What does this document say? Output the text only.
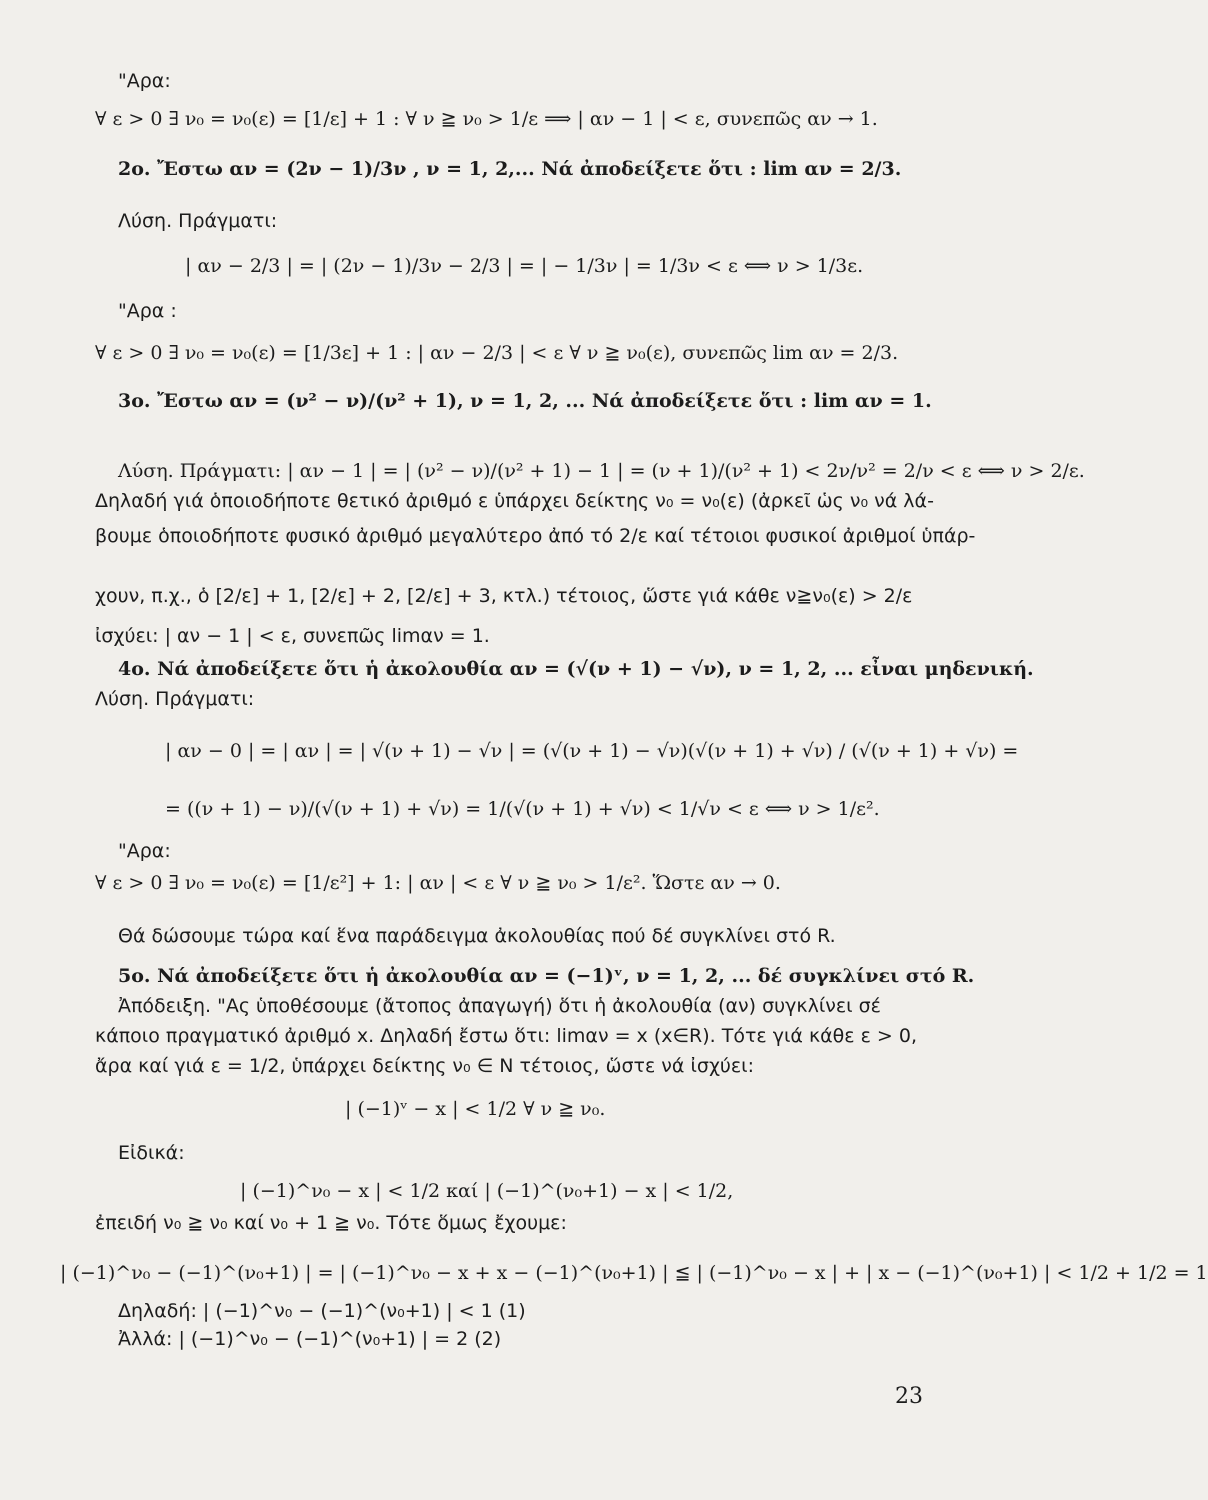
"Αρα:
∀ ε > 0 ∃ ν₀ = ν₀(ε) = [1/ε] + 1 : ∀ ν ≧ ν₀ > 1/ε ⟹ | αν − 1 | < ε, συνεπῶς αν → 1.
2ο. Ἔστω αν = (2ν − 1)/3ν , ν = 1, 2,... Νά ἀποδείξετε ὅτι : lim αν = 2/3.
Λύση. Πράγματι:
| αν − 2/3 | = | (2ν − 1)/3ν − 2/3 | = | − 1/3ν | = 1/3ν < ε ⟺ ν > 1/3ε.
"Αρα :
∀ ε > 0 ∃ ν₀ = ν₀(ε) = [1/3ε] + 1 : | αν − 2/3 | < ε ∀ ν ≧ ν₀(ε), συνεπῶς lim αν = 2/3.
3ο. Ἔστω αν = (ν² − ν)/(ν² + 1), ν = 1, 2, ... Νά ἀποδείξετε ὅτι : lim αν = 1.
Λύση. Πράγματι: | αν − 1 | = | (ν² − ν)/(ν² + 1) − 1 | = (ν + 1)/(ν² + 1) < 2ν/ν² = 2/ν < ε ⟺ ν > 2/ε.
Δηλαδή γιά ὁποιοδήποτε θετικό ἀριθμό ε ὑπάρχει δείκτης ν₀ = ν₀(ε) (ἀρκεῖ ὡς ν₀ νά λά-
βουμε ὁποιοδήποτε φυσικό ἀριθμό μεγαλύτερο ἀπό τό 2/ε καί τέτοιοι φυσικοί ἀριθμοί ὑπάρ-
χουν, π.χ., ὁ [2/ε] + 1, [2/ε] + 2, [2/ε] + 3, κτλ.) τέτοιος, ὥστε γιά κάθε ν≧ν₀(ε) > 2/ε
ἰσχύει: | αν − 1 | < ε, συνεπῶς limαν = 1.
4ο. Νά ἀποδείξετε ὅτι ἡ ἀκολουθία αν = (√(ν + 1) − √ν), ν = 1, 2, ... εἶναι μηδενική.
Λύση. Πράγματι:
| αν − 0 | = | αν | = | √(ν + 1) − √ν | = (√(ν + 1) − √ν)(√(ν + 1) + √ν) / (√(ν + 1) + √ν) =
= ((ν + 1) − ν)/(√(ν + 1) + √ν) = 1/(√(ν + 1) + √ν) < 1/√ν < ε ⟺ ν > 1/ε².
"Αρα:
∀ ε > 0 ∃ ν₀ = ν₀(ε) = [1/ε²] + 1: | αν | < ε ∀ ν ≧ ν₀ > 1/ε². Ὥστε αν → 0.
Θά δώσουμε τώρα καί ἕνα παράδειγμα ἀκολουθίας πού δέ συγκλίνει στό R.
5ο. Νά ἀποδείξετε ὅτι ἡ ἀκολουθία αν = (−1)ᵛ, ν = 1, 2, ... δέ συγκλίνει στό R.
Ἀπόδειξη. "Ας ὑποθέσουμε (ἄτοπος ἀπαγωγή) ὅτι ἡ ἀκολουθία (αν) συγκλίνει σέ
κάποιο πραγματικό ἀριθμό x. Δηλαδή ἔστω ὅτι: limαν = x (x∈R). Τότε γιά κάθε ε > 0,
ἄρα καί γιά ε = 1/2, ὑπάρχει δείκτης ν₀ ∈ N τέτοιος, ὥστε νά ἰσχύει:
| (−1)ᵛ − x | < 1/2 ∀ ν ≧ ν₀.
Εἰδικά:
| (−1)^ν₀ − x | < 1/2 καί | (−1)^(ν₀+1) − x | < 1/2,
ἐπειδή ν₀ ≧ ν₀ καί ν₀ + 1 ≧ ν₀. Τότε ὅμως ἔχουμε:
| (−1)^ν₀ − (−1)^(ν₀+1) | = | (−1)^ν₀ − x + x − (−1)^(ν₀+1) | ≦ | (−1)^ν₀ − x | + | x − (−1)^(ν₀+1) | < 1/2 + 1/2 = 1
Δηλαδή: | (−1)^ν₀ − (−1)^(ν₀+1) | < 1 (1)
Ἀλλά: | (−1)^ν₀ − (−1)^(ν₀+1) | = 2 (2)
23
